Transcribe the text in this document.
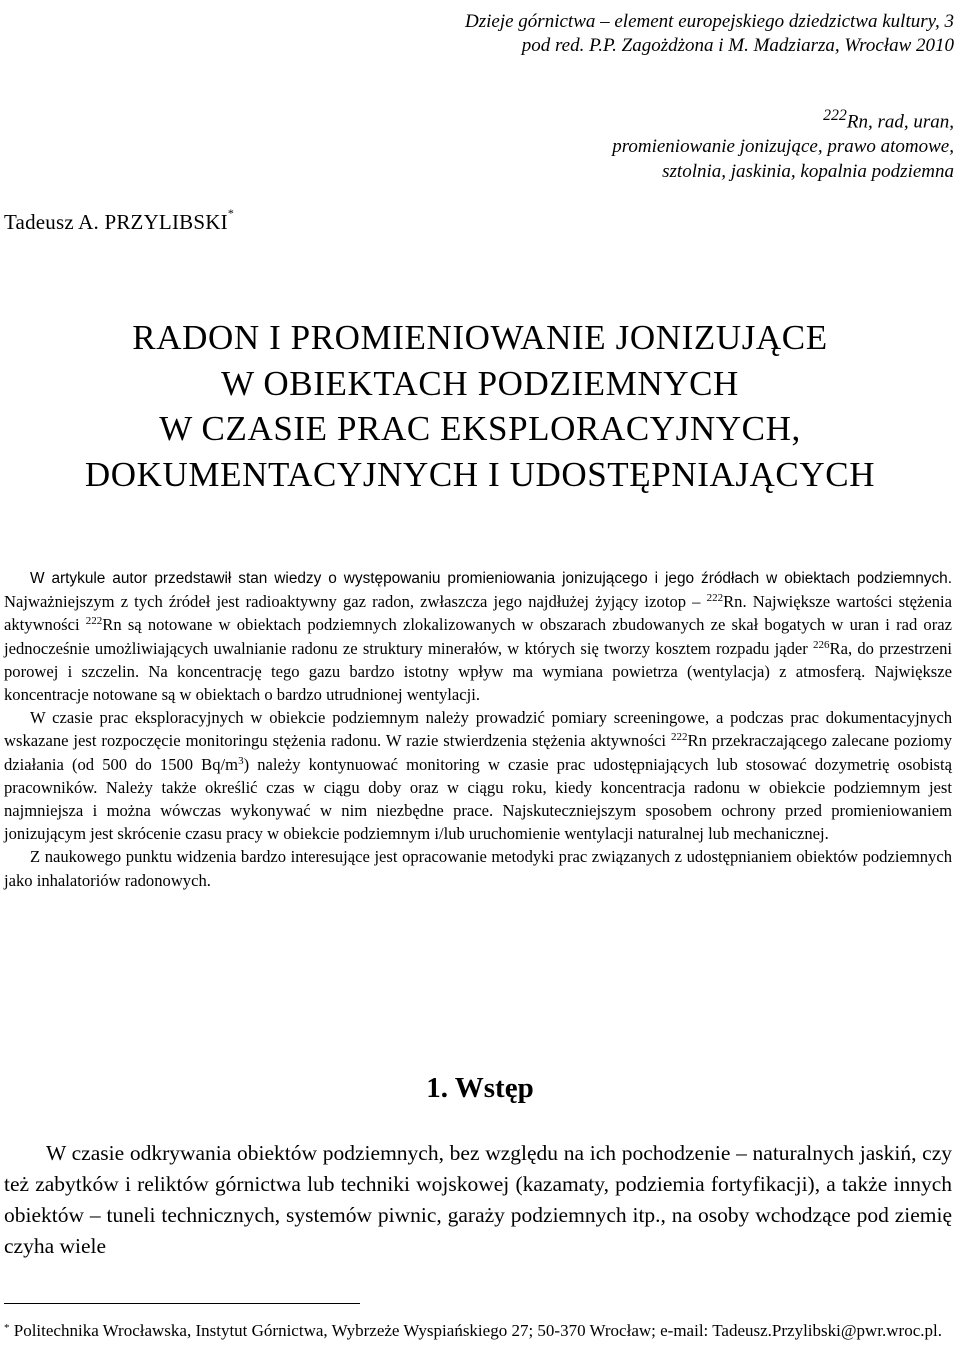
Dzieje górnictwa – element europejskiego dziedzictwa kultury, 3
pod red. P.P. Zagożdżona i M. Madziarza, Wrocław 2010
$^{222}$Rn, rad, uran,
promieniowanie jonizujące, prawo atomowe,
sztolnia, jaskinia, kopalnia podziemna
Tadeusz A. PRZYLIBSKI*
RADON I PROMIENIOWANIE JONIZUJĄCE
W OBIEKTACH PODZIEMNYCH
W CZASIE PRAC EKSPLORACYJNYCH,
DOKUMENTACYJNYCH I UDOSTĘPNIAJĄCYCH

W artykule autor przedstawił stan wiedzy o występowaniu promieniowania jonizującego i jego źródłach w obiektach podziemnych. Najważniejszym z tych źródeł jest radioaktywny gaz radon, zwłaszcza jego najdłużej żyjący izotop – $^{222}$Rn. Największe wartości stężenia aktywności $^{222}$Rn są notowane w obiektach podziemnych zlokalizowanych w obszarach zbudowanych ze skał bogatych w uran i rad oraz jednocześnie umożliwiających uwalnianie radonu ze struktury minerałów, w których się tworzy kosztem rozpadu jąder $^{226}$Ra, do przestrzeni porowej i szczelin. Na koncentrację tego gazu bardzo istotny wpływ ma wymiana powietrza (wentylacja) z atmosferą. Największe koncentracje notowane są w obiektach o bardzo utrudnionej wentylacji.

W czasie prac eksploracyjnych w obiekcie podziemnym należy prowadzić pomiary screeningowe, a podczas prac dokumentacyjnych wskazane jest rozpoczęcie monitoringu stężenia radonu. W razie stwierdzenia stężenia aktywności $^{222}$Rn przekraczającego zalecane poziomy działania (od 500 do 1500 $Bq/m^3$) należy kontynuować monitoring w czasie prac udostępniających lub stosować dozymetrię osobistą pracowników. Należy także określić czas w ciągu doby oraz w ciągu roku, kiedy koncentracja radonu w obiekcie podziemnym jest najmniejsza i można wówczas wykonywać w nim niezbędne prace. Najskuteczniejszym sposobem ochrony przed promieniowaniem jonizującym jest skrócenie czasu pracy w obiekcie podziemnym i/lub uruchomienie wentylacji naturalnej lub mechanicznej.

Z naukowego punktu widzenia bardzo interesujące jest opracowanie metodyki prac związanych z udostępnianiem obiektów podziemnych jako inhalatoriów radonowych.

1. Wstęp

W czasie odkrywania obiektów podziemnych, bez względu na ich pochodzenie – naturalnych jaskiń, czy też zabytków i reliktów górnictwa lub techniki wojskowej (kazamaty, podziemia fortyfikacji), a także innych obiektów – tuneli technicznych, systemów piwnic, garaży podziemnych itp., na osoby wchodzące pod ziemię czyha wiele

* Politechnika Wrocławska, Instytut Górnictwa, Wybrzeże Wyspiańskiego 27; 50-370 Wrocław; e-mail: Tadeusz.Przylibski@pwr.wroc.pl.
